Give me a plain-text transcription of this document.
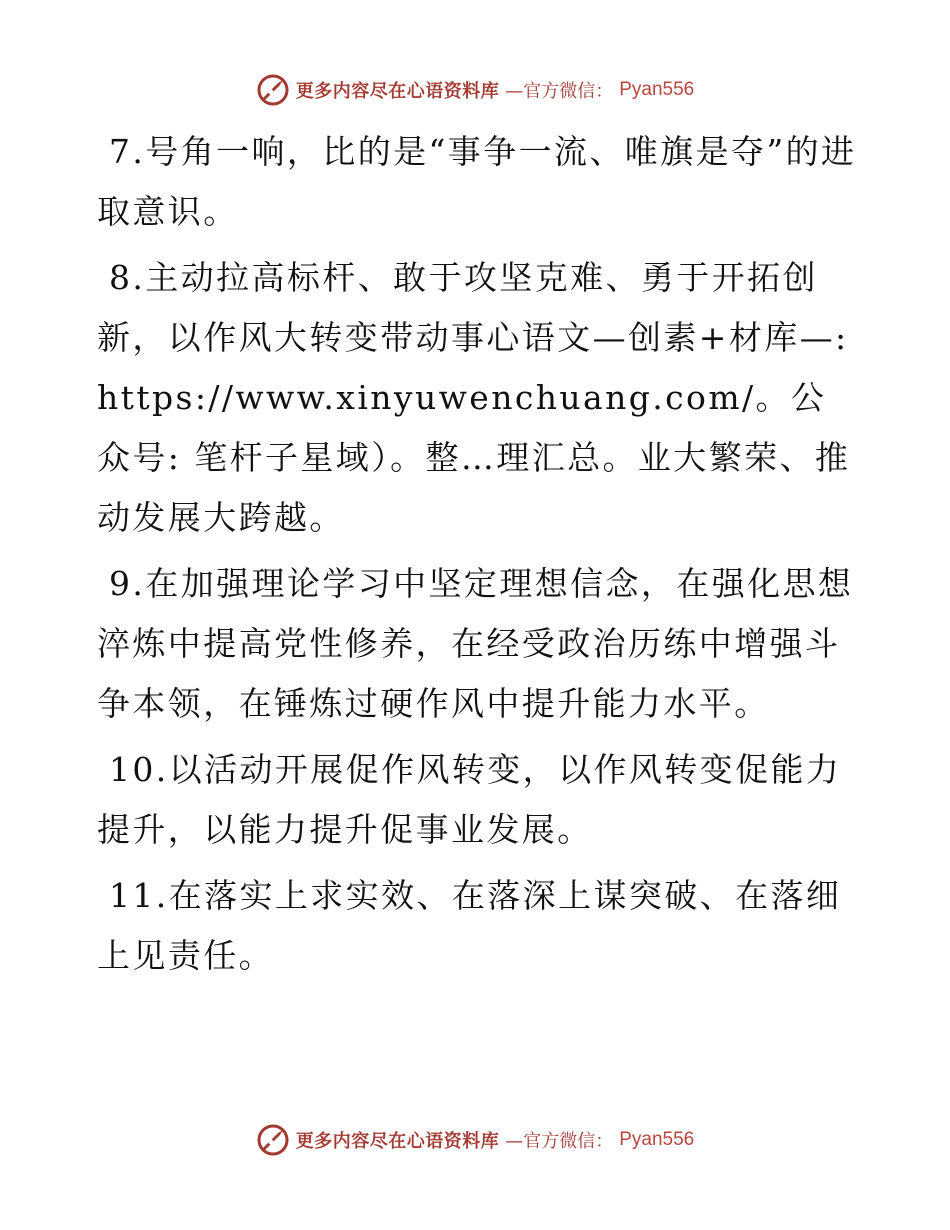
更多内容尽在心语资料库 —官方微信： Pyan556

7.号角一响，比的是“事争一流、唯旗是夺”的进取意识。

8.主动拉高标杆、敢于攻坚克难、勇于开拓创新，以作风大转变带动事心语文—创素+材库—:https://www.xinyuwenchuang.com/。公众号: 笔杆子星域）。整…理汇总。业大繁荣、推动发展大跨越。

9.在加强理论学习中坚定理想信念，在强化思想淬炼中提高党性修养，在经受政治历练中增强斗争本领，在锤炼过硬作风中提升能力水平。

10.以活动开展促作风转变，以作风转变促能力提升，以能力提升促事业发展。

11.在落实上求实效、在落深上谋突破、在落细上见责任。

更多内容尽在心语资料库 —官方微信： Pyan556
